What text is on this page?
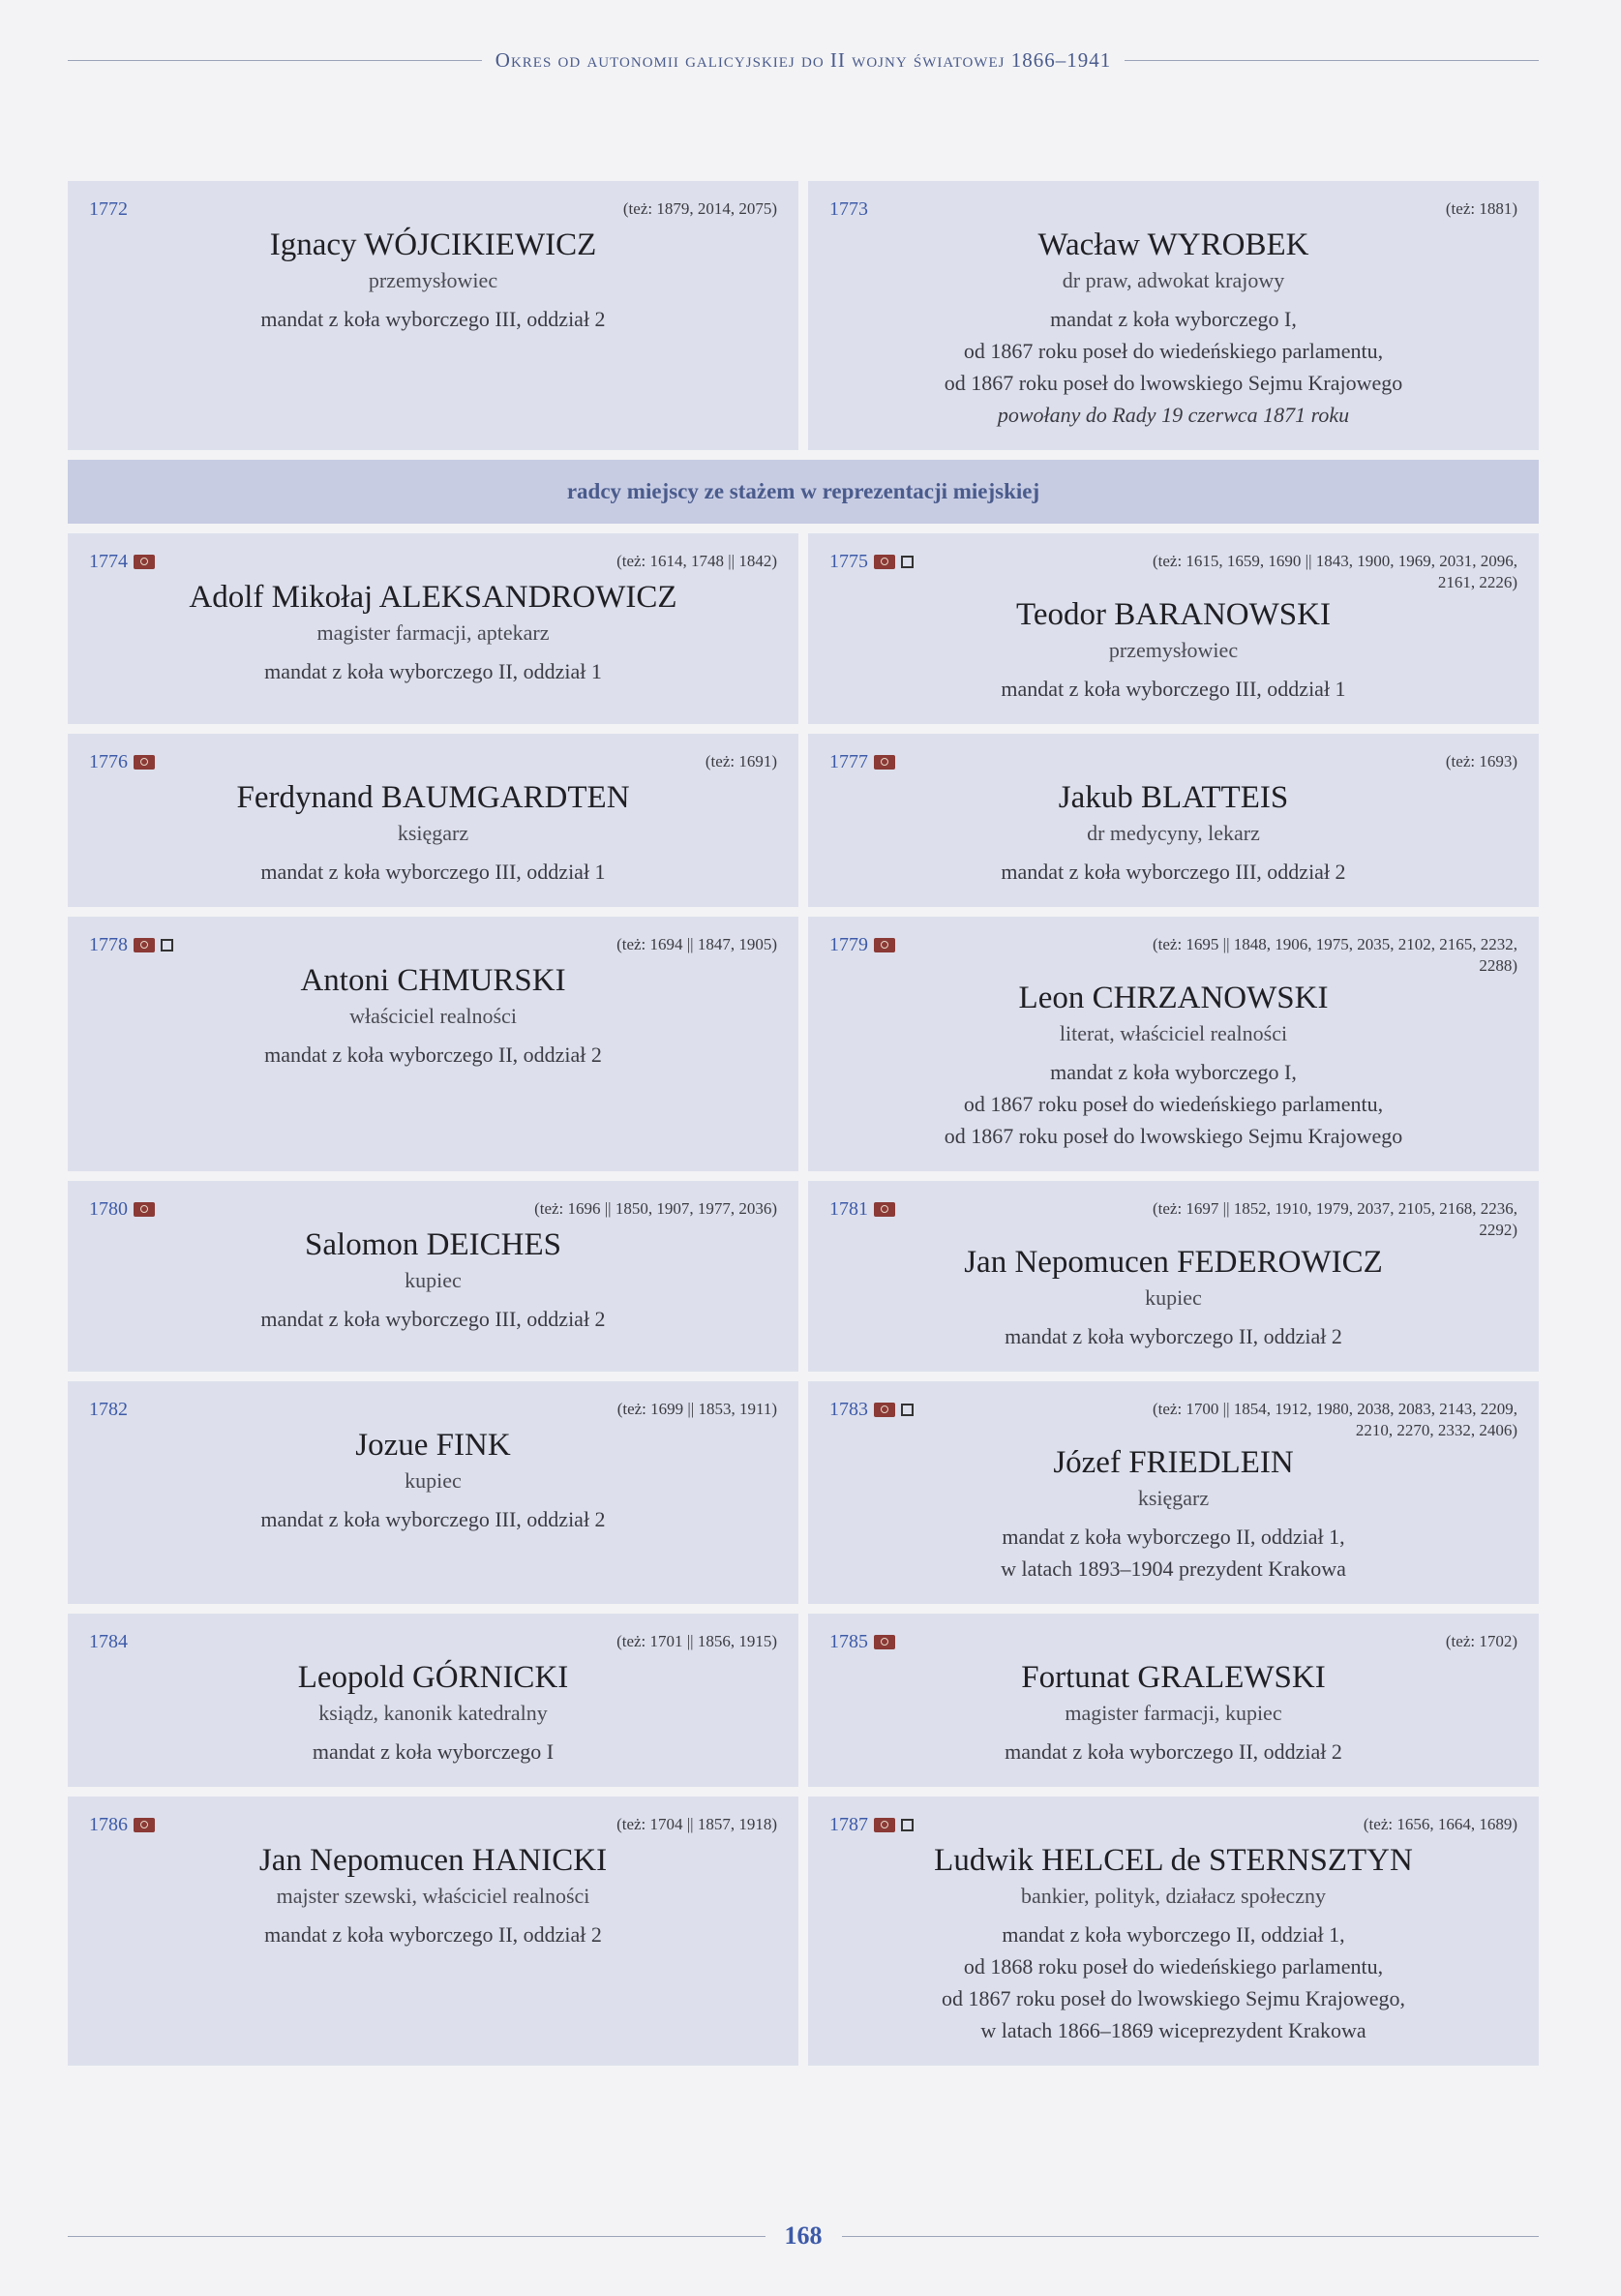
Okres od autonomii galicyjskiej do II wojny światowej 1866–1941
1772	(też: 1879, 2014, 2075)
Ignacy WÓJCIKIEWICZ
przemysłowiec
mandat z koła wyborczego III, oddział 2
1773	(też: 1881)
Wacław WYROBEK
dr praw, adwokat krajowy
mandat z koła wyborczego I,
od 1867 roku poseł do wiedeńskiego parlamentu,
od 1867 roku poseł do lwowskiego Sejmu Krajowego
powołany do Rady 19 czerwca 1871 roku
radcy miejscy ze stażem w reprezentacji miejskiej
1774	(też: 1614, 1748 || 1842)
Adolf Mikołaj ALEKSANDROWICZ
magister farmacji, aptekarz
mandat z koła wyborczego II, oddział 1
1775	(też: 1615, 1659, 1690 || 1843, 1900, 1969, 2031, 2096, 2161, 2226)
Teodor BARANOWSKI
przemysłowiec
mandat z koła wyborczego III, oddział 1
1776	(też: 1691)
Ferdynand BAUMGARDTEN
księgarz
mandat z koła wyborczego III, oddział 1
1777	(też: 1693)
Jakub BLATTEIS
dr medycyny, lekarz
mandat z koła wyborczego III, oddział 2
1778	(też: 1694 || 1847, 1905)
Antoni CHMURSKI
właściciel realności
mandat z koła wyborczego II, oddział 2
1779	(też: 1695 || 1848, 1906, 1975, 2035, 2102, 2165, 2232, 2288)
Leon CHRZANOWSKI
literat, właściciel realności
mandat z koła wyborczego I,
od 1867 roku poseł do wiedeńskiego parlamentu,
od 1867 roku poseł do lwowskiego Sejmu Krajowego
1780	(też: 1696 || 1850, 1907, 1977, 2036)
Salomon DEICHES
kupiec
mandat z koła wyborczego III, oddział 2
1781	(też: 1697 || 1852, 1910, 1979, 2037, 2105, 2168, 2236, 2292)
Jan Nepomucen FEDEROWICZ
kupiec
mandat z koła wyborczego II, oddział 2
1782	(też: 1699 || 1853, 1911)
Jozue FINK
kupiec
mandat z koła wyborczego III, oddział 2
1783	(też: 1700 || 1854, 1912, 1980, 2038, 2083, 2143, 2209, 2210, 2270, 2332, 2406)
Józef FRIEDLEIN
księgarz
mandat z koła wyborczego II, oddział 1,
w latach 1893–1904 prezydent Krakowa
1784	(też: 1701 || 1856, 1915)
Leopold GÓRNICKI
ksiądz, kanonik katedralny
mandat z koła wyborczego I
1785	(też: 1702)
Fortunat GRALEWSKI
magister farmacji, kupiec
mandat z koła wyborczego II, oddział 2
1786	(też: 1704 || 1857, 1918)
Jan Nepomucen HANICKI
majster szewski, właściciel realności
mandat z koła wyborczego II, oddział 2
1787	(też: 1656, 1664, 1689)
Ludwik HELCEL de STERNSZTYN
bankier, polityk, działacz społeczny
mandat z koła wyborczego II, oddział 1,
od 1868 roku poseł do wiedeńskiego parlamentu,
od 1867 roku poseł do lwowskiego Sejmu Krajowego,
w latach 1866–1869 wiceprezydent Krakowa
168
